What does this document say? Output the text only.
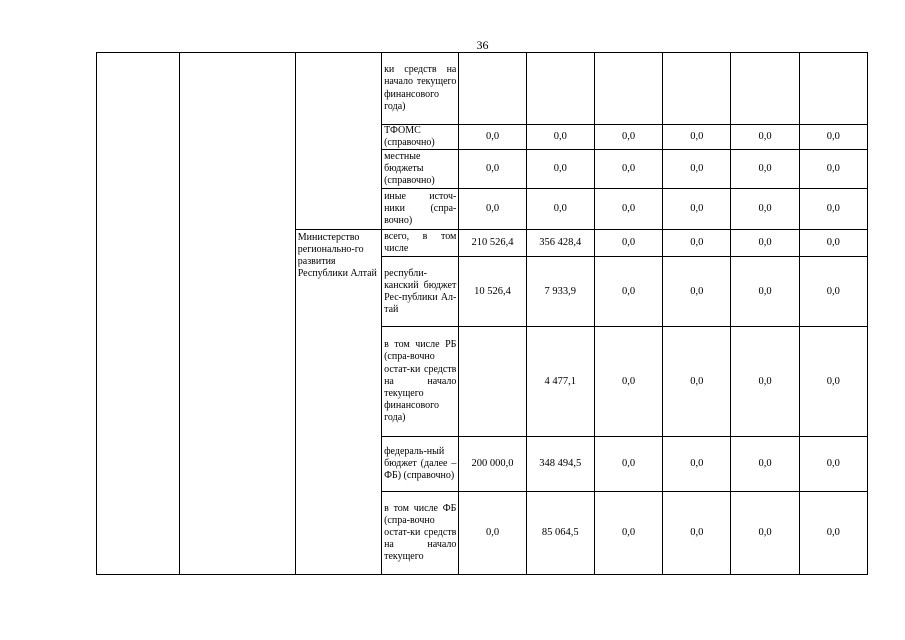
36
			ки средств на начало текущего финансового года)						
			ТФОМС (справочно)	0,0	0,0	0,0	0,0	0,0	0,0
			местные бюджеты (справочно)	0,0	0,0	0,0	0,0	0,0	0,0
			иные источ-ники (спра-вочно)	0,0	0,0	0,0	0,0	0,0	0,0
		Министерство регионально-го развития Республики Алтай	всего, в том числе	210 526,4	356 428,4	0,0	0,0	0,0	0,0
			республи-канский бюджет Рес-публики Ал-тай	10 526,4	7 933,9	0,0	0,0	0,0	0,0
			в том числе РБ (спра-вочно остат-ки средств на начало текущего финансового года)		4 477,1	0,0	0,0	0,0	0,0
			федераль-ный бюджет (далее – ФБ) (справочно)	200 000,0	348 494,5	0,0	0,0	0,0	0,0
			в том числе ФБ (спра-вочно остат-ки средств на начало текущего	0,0	85 064,5	0,0	0,0	0,0	0,0
